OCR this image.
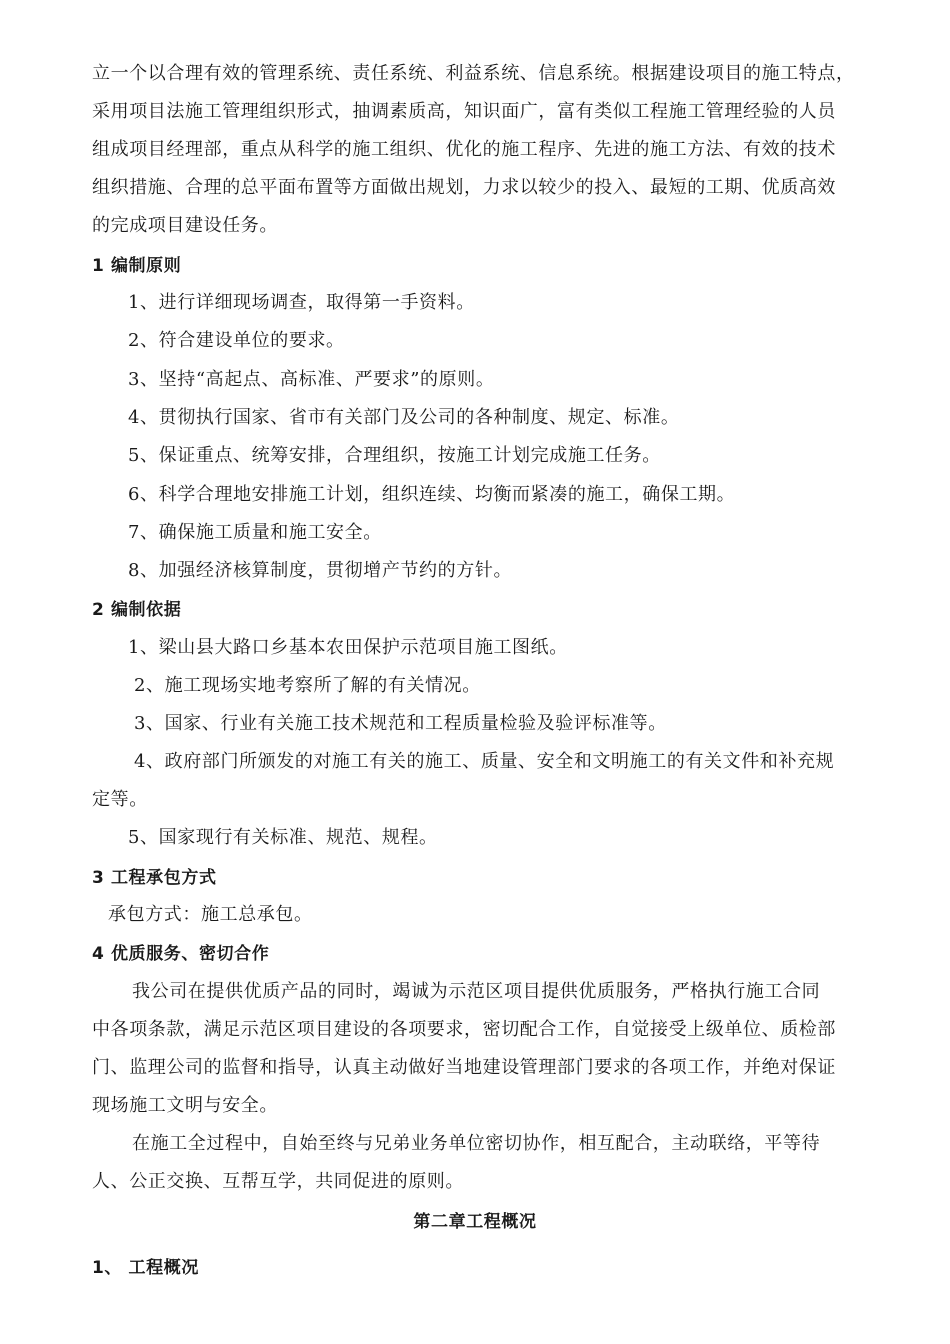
立一个以合理有效的管理系统、责任系统、利益系统、信息系统。根据建设项目的施工特点，

采用项目法施工管理组织形式，抽调素质高，知识面广，富有类似工程施工管理经验的人员

组成项目经理部，重点从科学的施工组织、优化的施工程序、先进的施工方法、有效的技术

组织措施、合理的总平面布置等方面做出规划，力求以较少的投入、最短的工期、优质高效

的完成项目建设任务。

1 编制原则

1、进行详细现场调查，取得第一手资料。

2、符合建设单位的要求。

3、坚持“高起点、高标准、严要求”的原则。

4、贯彻执行国家、省市有关部门及公司的各种制度、规定、标准。

5、保证重点、统筹安排，合理组织，按施工计划完成施工任务。

6、科学合理地安排施工计划，组织连续、均衡而紧凑的施工，确保工期。

7、确保施工质量和施工安全。

8、加强经济核算制度，贯彻增产节约的方针。

2 编制依据

1、梁山县大路口乡基本农田保护示范项目施工图纸。

2、施工现场实地考察所了解的有关情况。

3、国家、行业有关施工技术规范和工程质量检验及验评标准等。

4、政府部门所颁发的对施工有关的施工、质量、安全和文明施工的有关文件和补充规

定等。

5、国家现行有关标准、规范、规程。

3 工程承包方式

承包方式：施工总承包。

4 优质服务、密切合作

我公司在提供优质产品的同时，竭诚为示范区项目提供优质服务，严格执行施工合同

中各项条款，满足示范区项目建设的各项要求，密切配合工作，自觉接受上级单位、质检部

门、监理公司的监督和指导，认真主动做好当地建设管理部门要求的各项工作，并绝对保证

现场施工文明与安全。

在施工全过程中，自始至终与兄弟业务单位密切协作，相互配合，主动联络，平等待

人、公正交换、互帮互学，共同促进的原则。

第二章工程概况

1、 工程概况
